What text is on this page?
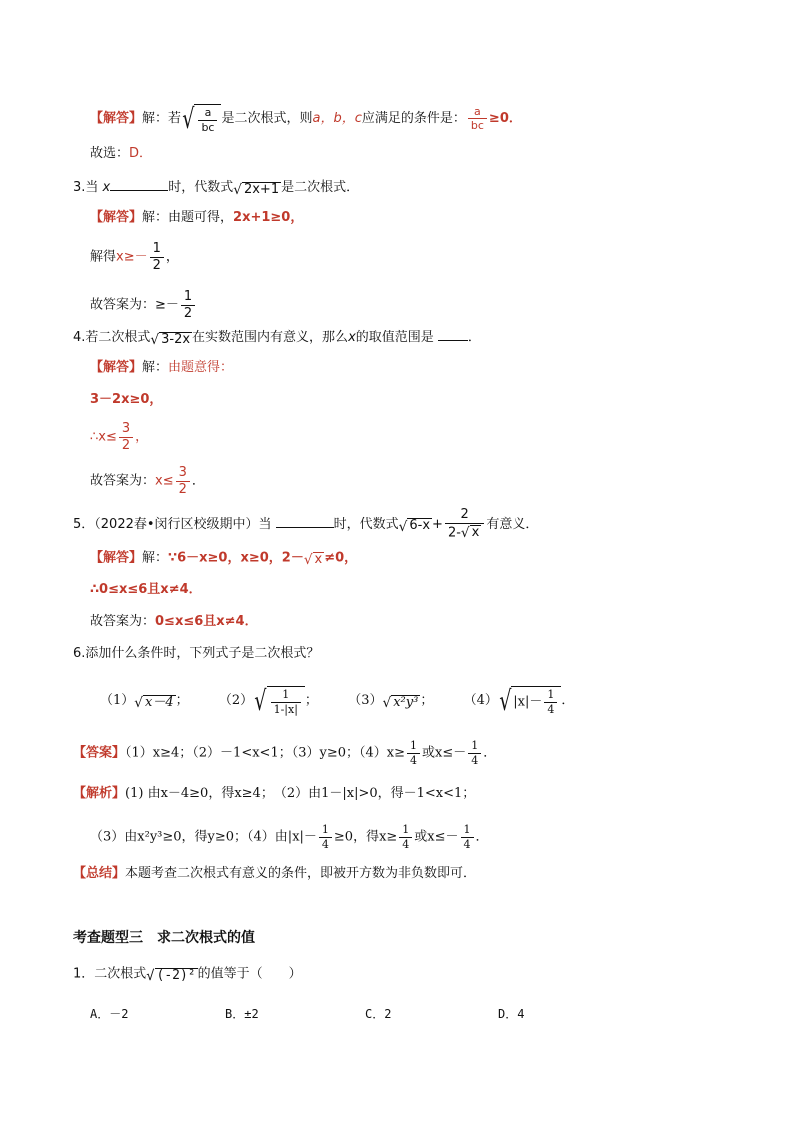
【解答】解：若√ $\frac{a}{bc}$ 是二次根式，则a，b，c应满足的条件是： $\frac{a}{bc} \ge 0$．
故选：D．
3.当 x	时，代数式√ 2x+1 是二次根式．
【解答】解：由题可得，2x+1≥0，
解得$x\ge- \frac{1}{2}$ ，
故答案为：≥－ $\frac{1}{2}$
4.若二次根式√ 3-2x 在实数范围内有意义，那么x的取值范围是 ．
【解答】解：由题意得：
3－2x≥0，
∴x≤ $\frac{3}{2}$ ，
故答案为：$x\le \frac{3}{2}$ ．
5．（2022春•闵行区校级期中）当	时，代数式√ $6-x + \frac{2}{2-√ x}$ 有意义．
【解答】解：∵6－x≥0，x≥0，2－√ x ≠0，
∴0≤x≤6且x≠4．
故答案为：0≤x≤6且x≠4．
6.添加什么条件时，下列式子是二次根式？
（1）√ x－4 ； $(2)√ \frac{1}{1-|x|}$ ； （3）√ x²y³ ； （4）√ $|x|- \frac{1}{4}$ ．
【答案】（1）x≥4；（2）－1<x<1；（3）y≥0；$(4)x\ge \frac{1}{4}$ 或$x\le- \frac{1}{4}$ ．
【解析】(1) 由x－4≥0，得x≥4；　（2）由1－|x|>0，得－1<x<1；
（3）由x²y³≥0，得y≥0；（4）由$|x|- \frac{1}{4} \ge 0$，得$x\ge \frac{1}{4}$ 或$x\le- \frac{1}{4}$ ．
【总结】本题考查二次根式有意义的条件，即被开方数为非负数即可．
考查题型三　求二次根式的值
1．二次根式√ (-2)² 的值等于（　　）
A．－2	B．±2	C．2	D．4
